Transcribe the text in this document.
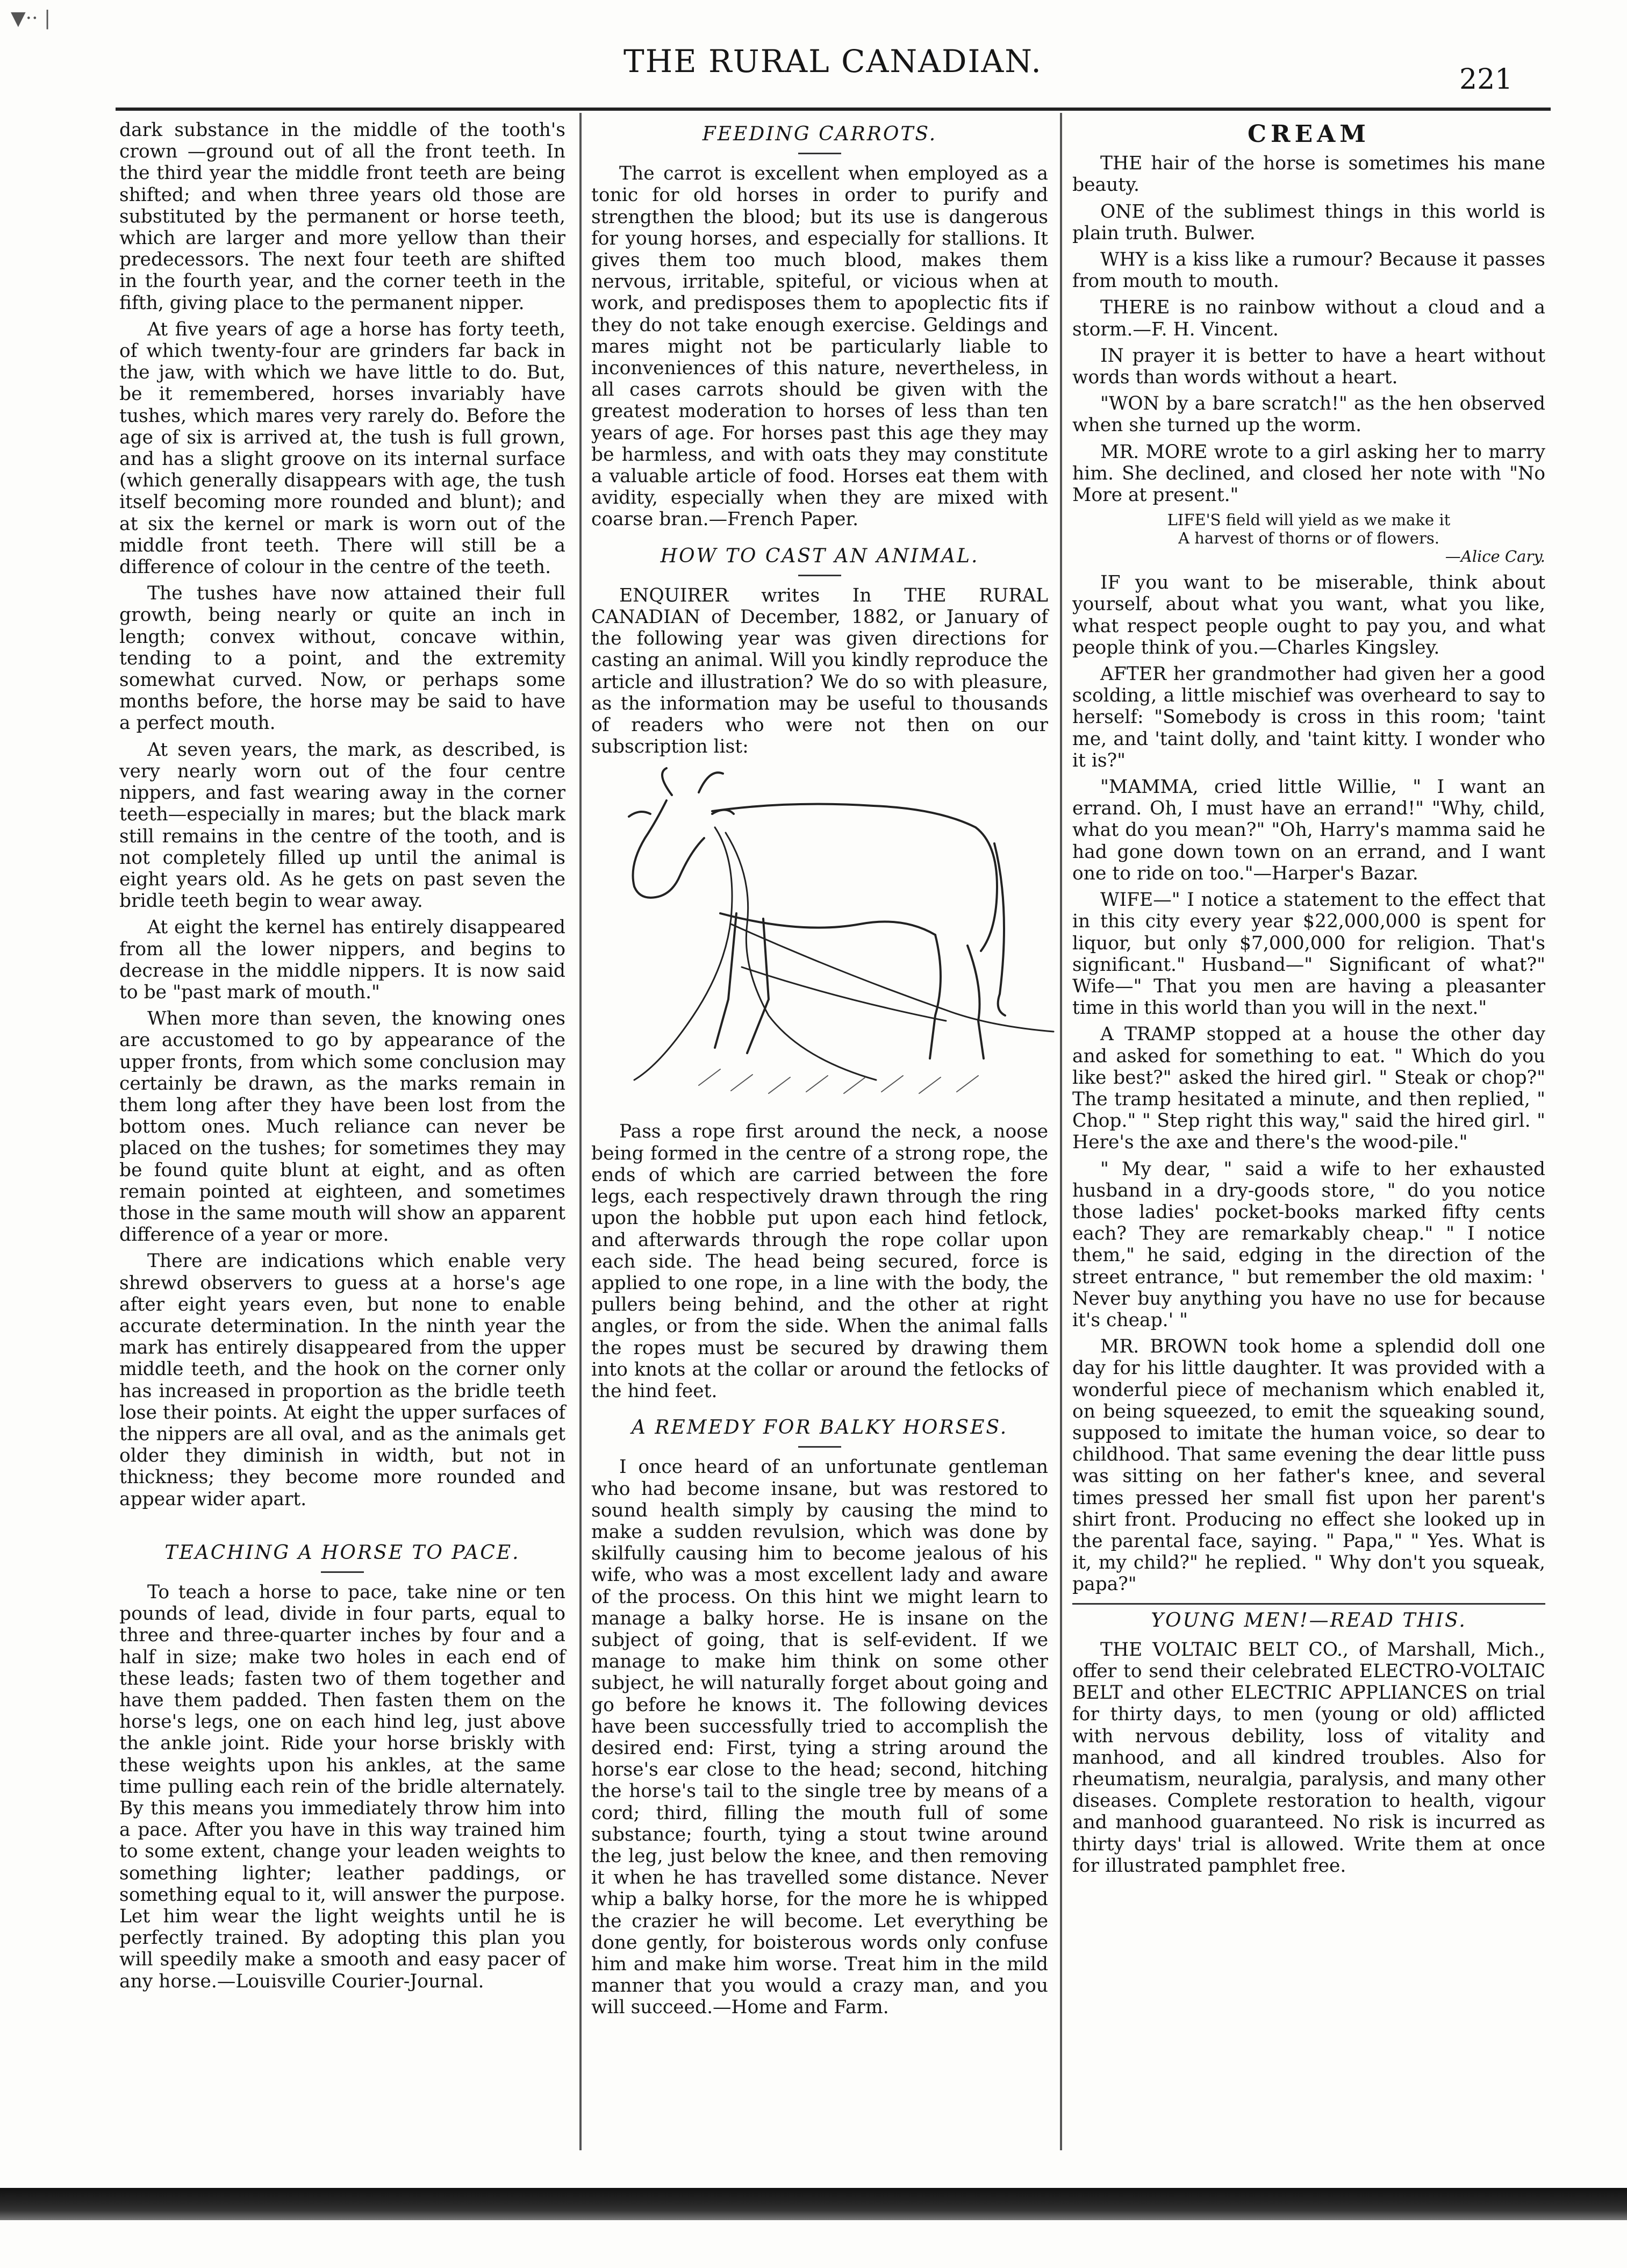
▼·· |
THE RURAL CANADIAN.	221

dark substance in the middle of the tooth's crown —ground out of all the front teeth. In the third year the middle front teeth are being shifted; and when three years old those are substituted by the permanent or horse teeth, which are larger and more yellow than their predecessors. The next four teeth are shifted in the fourth year, and the corner teeth in the fifth, giving place to the permanent nipper.

At five years of age a horse has forty teeth, of which twenty-four are grinders far back in the jaw, with which we have little to do. But, be it remembered, horses invariably have tushes, which mares very rarely do. Before the age of six is arrived at, the tush is full grown, and has a slight groove on its internal surface (which generally disappears with age, the tush itself becoming more rounded and blunt); and at six the kernel or mark is worn out of the middle front teeth. There will still be a difference of colour in the centre of the teeth.

The tushes have now attained their full growth, being nearly or quite an inch in length; convex without, concave within, tending to a point, and the extremity somewhat curved. Now, or perhaps some months before, the horse may be said to have a perfect mouth.

At seven years, the mark, as described, is very nearly worn out of the four centre nippers, and fast wearing away in the corner teeth—especially in mares; but the black mark still remains in the centre of the tooth, and is not completely filled up until the animal is eight years old. As he gets on past seven the bridle teeth begin to wear away.

At eight the kernel has entirely disappeared from all the lower nippers, and begins to decrease in the middle nippers. It is now said to be "past mark of mouth."

When more than seven, the knowing ones are accustomed to go by appearance of the upper fronts, from which some conclusion may certainly be drawn, as the marks remain in them long after they have been lost from the bottom ones. Much reliance can never be placed on the tushes; for sometimes they may be found quite blunt at eight, and as often remain pointed at eighteen, and sometimes those in the same mouth will show an apparent difference of a year or more.

There are indications which enable very shrewd observers to guess at a horse's age after eight years even, but none to enable accurate determination. In the ninth year the mark has entirely disappeared from the upper middle teeth, and the hook on the corner only has increased in proportion as the bridle teeth lose their points. At eight the upper surfaces of the nippers are all oval, and as the animals get older they diminish in width, but not in thickness; they become more rounded and appear wider apart.

TEACHING A HORSE TO PACE.

To teach a horse to pace, take nine or ten pounds of lead, divide in four parts, equal to three and three-quarter inches by four and a half in size; make two holes in each end of these leads; fasten two of them together and have them padded. Then fasten them on the horse's legs, one on each hind leg, just above the ankle joint. Ride your horse briskly with these weights upon his ankles, at the same time pulling each rein of the bridle alternately. By this means you immediately throw him into a pace. After you have in this way trained him to some extent, change your leaden weights to something lighter; leather paddings, or something equal to it, will answer the purpose. Let him wear the light weights until he is perfectly trained. By adopting this plan you will speedily make a smooth and easy pacer of any horse.—Louisville Courier-Journal.

FEEDING CARROTS.

The carrot is excellent when employed as a tonic for old horses in order to purify and strengthen the blood; but its use is dangerous for young horses, and especially for stallions. It gives them too much blood, makes them nervous, irritable, spiteful, or vicious when at work, and predisposes them to apoplectic fits if they do not take enough exercise. Geldings and mares might not be particularly liable to inconveniences of this nature, nevertheless, in all cases carrots should be given with the greatest moderation to horses of less than ten years of age. For horses past this age they may be harmless, and with oats they may constitute a valuable article of food. Horses eat them with avidity, especially when they are mixed with coarse bran.—French Paper.

HOW TO CAST AN ANIMAL.

ENQUIRER writes In THE RURAL CANADIAN of December, 1882, or January of the following year was given directions for casting an animal. Will you kindly reproduce the article and illustration? We do so with pleasure, as the information may be useful to thousands of readers who were not then on our subscription list:

Pass a rope first around the neck, a noose being formed in the centre of a strong rope, the ends of which are carried between the fore legs, each respectively drawn through the ring upon the hobble put upon each hind fetlock, and afterwards through the rope collar upon each side. The head being secured, force is applied to one rope, in a line with the body, the pullers being behind, and the other at right angles, or from the side. When the animal falls the ropes must be secured by drawing them into knots at the collar or around the fetlocks of the hind feet.

A REMEDY FOR BALKY HORSES.

I once heard of an unfortunate gentleman who had become insane, but was restored to sound health simply by causing the mind to make a sudden revulsion, which was done by skilfully causing him to become jealous of his wife, who was a most excellent lady and aware of the process. On this hint we might learn to manage a balky horse. He is insane on the subject of going, that is self-evident. If we manage to make him think on some other subject, he will naturally forget about going and go before he knows it. The following devices have been successfully tried to accomplish the desired end: First, tying a string around the horse's ear close to the head; second, hitching the horse's tail to the single tree by means of a cord; third, filling the mouth full of some substance; fourth, tying a stout twine around the leg, just below the knee, and then removing it when he has travelled some distance. Never whip a balky horse, for the more he is whipped the crazier he will become. Let everything be done gently, for boisterous words only confuse him and make him worse. Treat him in the mild manner that you would a crazy man, and you will succeed.—Home and Farm.

CREAM

THE hair of the horse is sometimes his mane beauty.

ONE of the sublimest things in this world is plain truth. Bulwer.

WHY is a kiss like a rumour? Because it passes from mouth to mouth.

THERE is no rainbow without a cloud and a storm.—F. H. Vincent.

IN prayer it is better to have a heart without words than words without a heart.

"WON by a bare scratch!" as the hen observed when she turned up the worm.

MR. MORE wrote to a girl asking her to marry him. She declined, and closed her note with "No More at present."

LIFE'S field will yield as we make it
A harvest of thorns or of flowers.
—Alice Cary.

IF you want to be miserable, think about yourself, about what you want, what you like, what respect people ought to pay you, and what people think of you.—Charles Kingsley.

AFTER her grandmother had given her a good scolding, a little mischief was overheard to say to herself: "Somebody is cross in this room; 'taint me, and 'taint dolly, and 'taint kitty. I wonder who it is?"

"MAMMA, cried little Willie, " I want an errand. Oh, I must have an errand!" "Why, child, what do you mean?" "Oh, Harry's mamma said he had gone down town on an errand, and I want one to ride on too."—Harper's Bazar.

WIFE—" I notice a statement to the effect that in this city every year $22,000,000 is spent for liquor, but only $7,000,000 for religion. That's significant." Husband—" Significant of what?" Wife—" That you men are having a pleasanter time in this world than you will in the next."

A TRAMP stopped at a house the other day and asked for something to eat. " Which do you like best?" asked the hired girl. " Steak or chop?" The tramp hesitated a minute, and then replied, " Chop." " Step right this way," said the hired girl. " Here's the axe and there's the wood-pile."

" My dear, " said a wife to her exhausted husband in a dry-goods store, " do you notice those ladies' pocket-books marked fifty cents each? They are remarkably cheap." " I notice them," he said, edging in the direction of the street entrance, " but remember the old maxim: ' Never buy anything you have no use for because it's cheap.' "

MR. BROWN took home a splendid doll one day for his little daughter. It was provided with a wonderful piece of mechanism which enabled it, on being squeezed, to emit the squeaking sound, supposed to imitate the human voice, so dear to childhood. That same evening the dear little puss was sitting on her father's knee, and several times pressed her small fist upon her parent's shirt front. Producing no effect she looked up in the parental face, saying. " Papa," " Yes. What is it, my child?" he replied. " Why don't you squeak, papa?"

YOUNG MEN!—READ THIS.

THE VOLTAIC BELT CO., of Marshall, Mich., offer to send their celebrated ELECTRO-VOLTAIC BELT and other ELECTRIC APPLIANCES on trial for thirty days, to men (young or old) afflicted with nervous debility, loss of vitality and manhood, and all kindred troubles. Also for rheumatism, neuralgia, paralysis, and many other diseases. Complete restoration to health, vigour and manhood guaranteed. No risk is incurred as thirty days' trial is allowed. Write them at once for illustrated pamphlet free.
